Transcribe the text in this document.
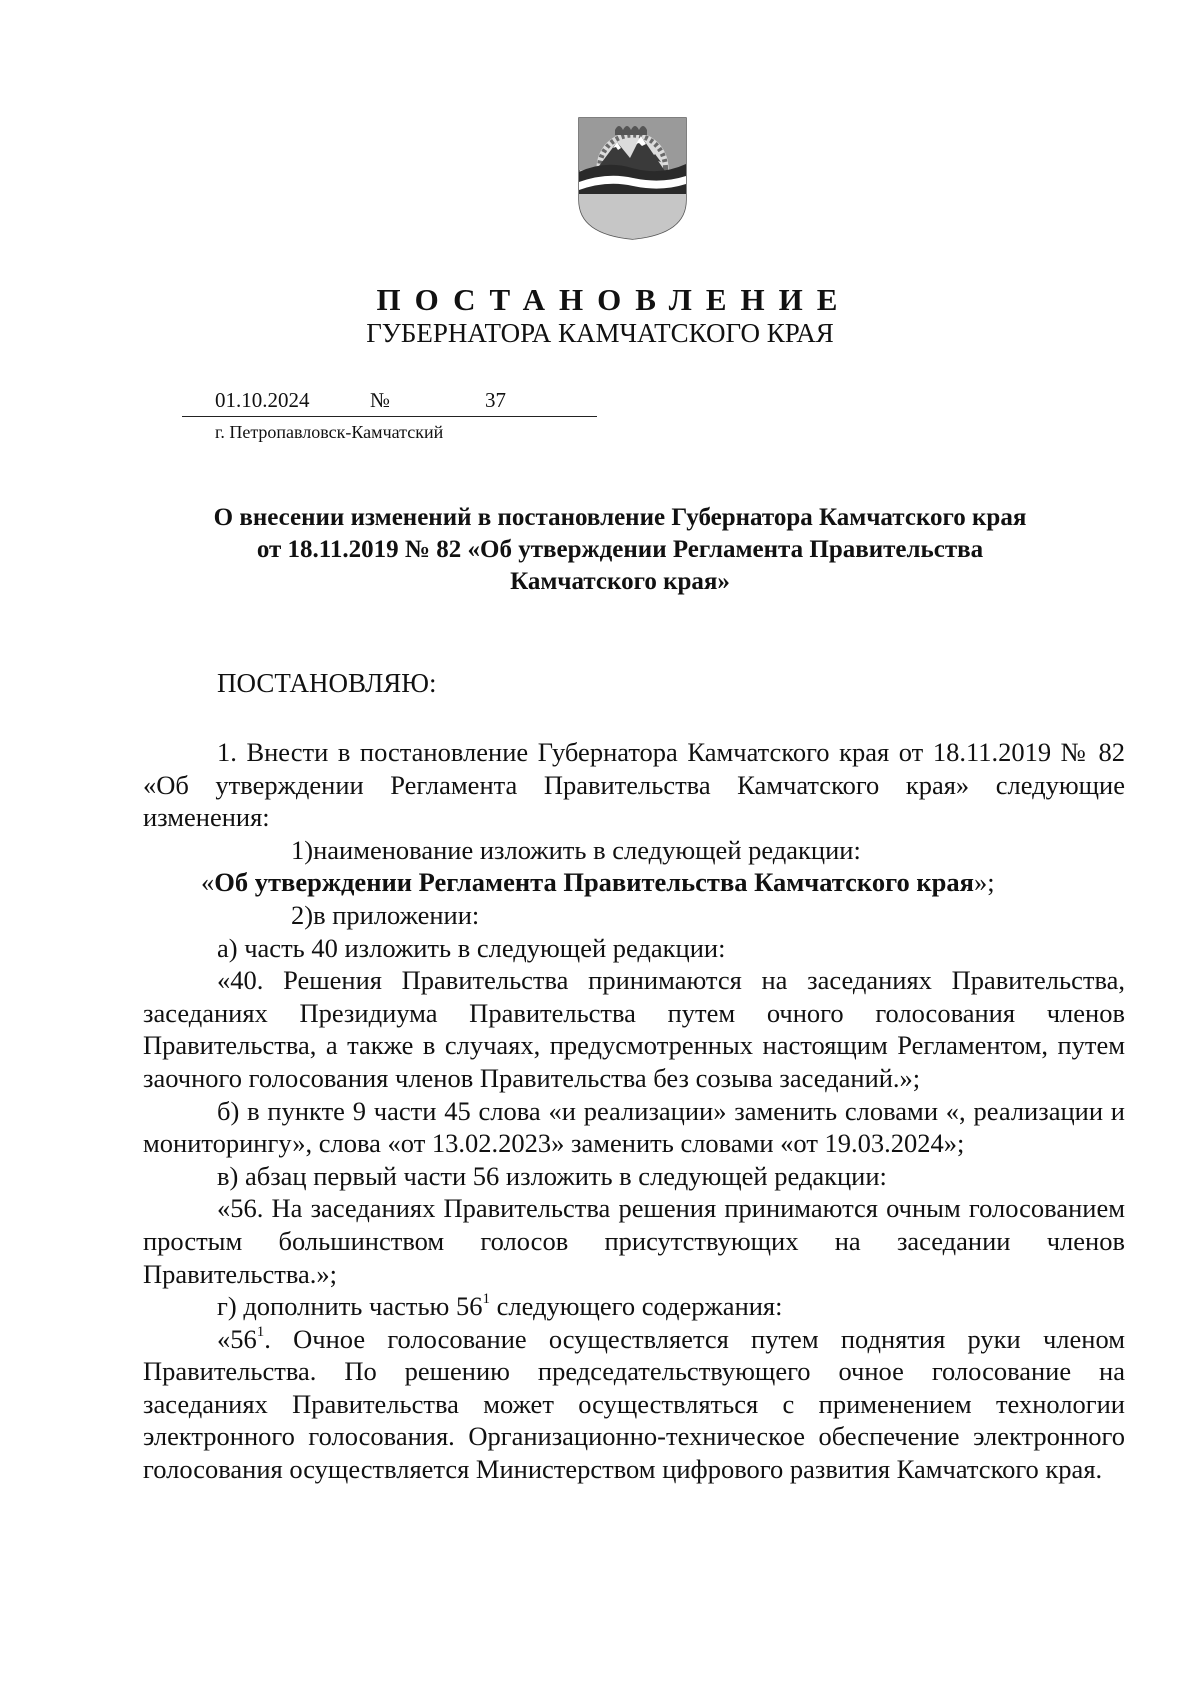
ПОСТАНОВЛЕНИЕ
ГУБЕРНАТОРА КАМЧАТСКОГО КРАЯ
01.10.2024	№	37
г. Петропавловск-Камчатский
О внесении изменений в постановление Губернатора Камчатского края
от 18.11.2019 № 82 «Об утверждении Регламента Правительства
Камчатского края»
ПОСТАНОВЛЯЮ:

1. Внести в постановление Губернатора Камчатского края от 18.11.2019 № 82 «Об утверждении Регламента Правительства Камчатского края» следующие изменения:

1)наименование изложить в следующей редакции:

«Об утверждении Регламента Правительства Камчатского края»;

2)в приложении:

а) часть 40 изложить в следующей редакции:

«40. Решения Правительства принимаются на заседаниях Правительства, заседаниях Президиума Правительства путем очного голосования членов Правительства, а также в случаях, предусмотренных настоящим Регламентом, путем заочного голосования членов Правительства без созыва заседаний.»;

б) в пункте 9 части 45 слова «и реализации» заменить словами «, реализации и мониторингу», слова «от 13.02.2023» заменить словами «от 19.03.2024»;

в) абзац первый части 56 изложить в следующей редакции:

«56. На заседаниях Правительства решения принимаются очным голосованием простым большинством голосов присутствующих на заседании членов Правительства.»;

г) дополнить частью $56^1$ следующего содержания:

«$56^1$. Очное голосование осуществляется путем поднятия руки членом Правительства. По решению председательствующего очное голосование на заседаниях Правительства может осуществляться с применением технологии электронного голосования. Организационно-техническое обеспечение электронного голосования осуществляется Министерством цифрового развития Камчатского края.
